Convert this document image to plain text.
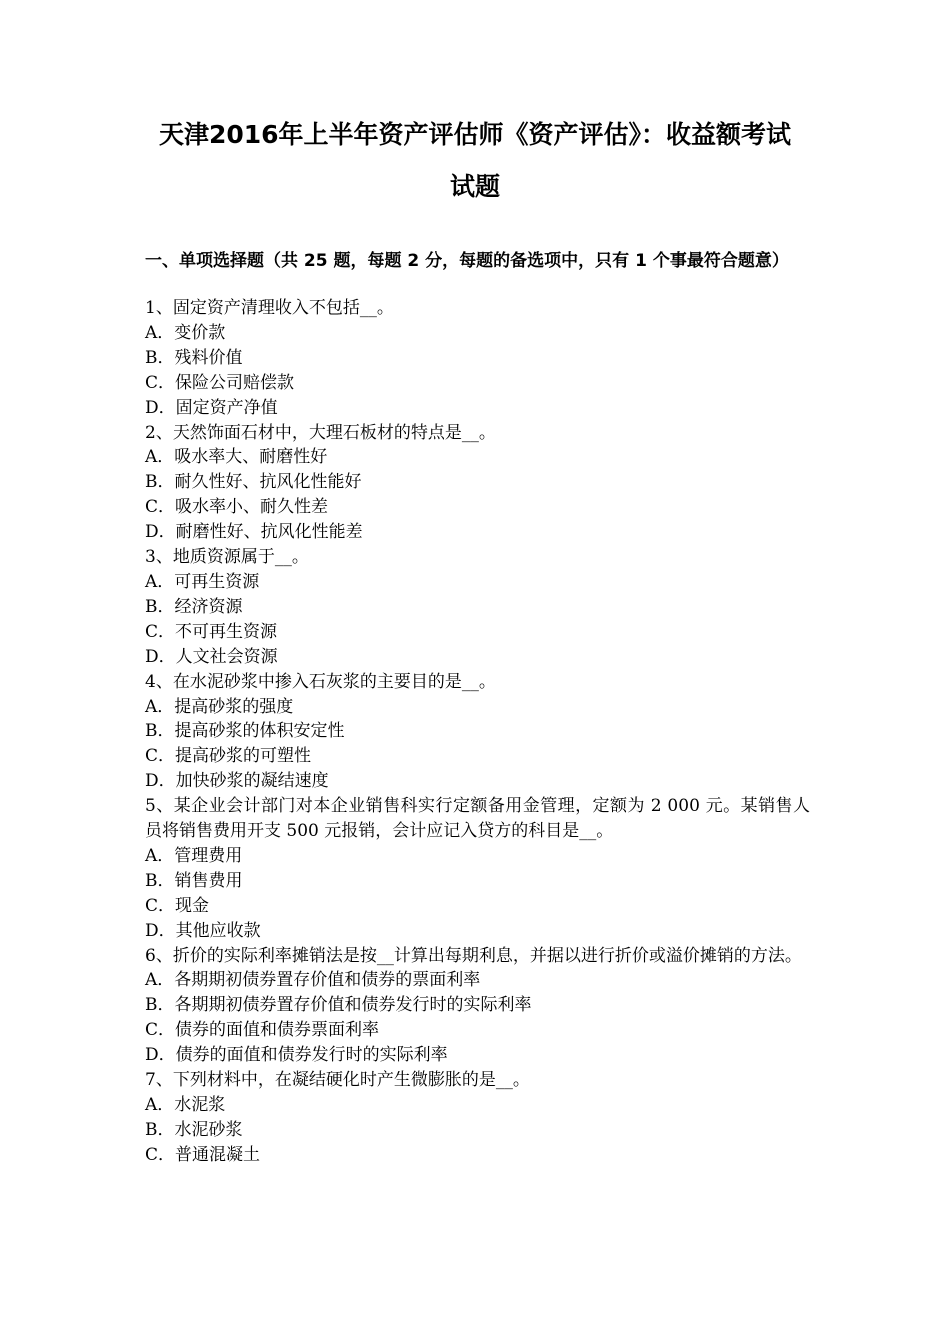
天津2016年上半年资产评估师《资产评估》：收益额考试
试题

一、单项选择题（共 25 题，每题 2 分，每题的备选项中，只有 1 个事最符合题意）

1、固定资产清理收入不包括__。

A．变价款

B．残料价值

C．保险公司赔偿款

D．固定资产净值

2、天然饰面石材中，大理石板材的特点是__。

A．吸水率大、耐磨性好

B．耐久性好、抗风化性能好

C．吸水率小、耐久性差

D．耐磨性好、抗风化性能差

3、地质资源属于__。

A．可再生资源

B．经济资源

C．不可再生资源

D．人文社会资源

4、在水泥砂浆中掺入石灰浆的主要目的是__。

A．提高砂浆的强度

B．提高砂浆的体积安定性

C．提高砂浆的可塑性

D．加快砂浆的凝结速度

5、某企业会计部门对本企业销售科实行定额备用金管理，定额为 2 000 元。某销售人员将销售费用开支 500 元报销，会计应记入贷方的科目是__。

A．管理费用

B．销售费用

C．现金

D．其他应收款

6、折价的实际利率摊销法是按__计算出每期利息，并据以进行折价或溢价摊销的方法。

A．各期期初债券置存价值和债券的票面利率

B．各期期初债券置存价值和债券发行时的实际利率

C．债券的面值和债券票面利率

D．债券的面值和债券发行时的实际利率

7、下列材料中，在凝结硬化时产生微膨胀的是__。

A．水泥浆

B．水泥砂浆

C．普通混凝土
